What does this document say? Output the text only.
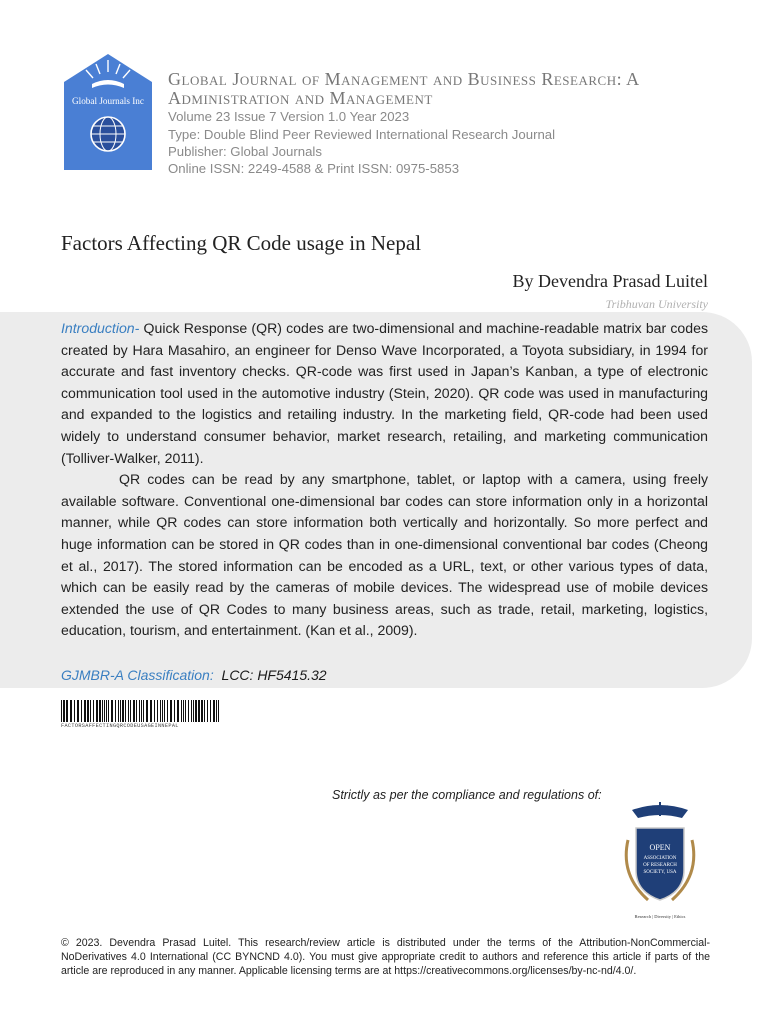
Global Journals Inc
Global Journal of Management and Business Research: A Administration and Management
Volume 23 Issue 7 Version 1.0 Year 2023
Type: Double Blind Peer Reviewed International Research Journal
Publisher: Global Journals
Online ISSN: 2249-4588 & Print ISSN: 0975-5853
Factors Affecting QR Code usage in Nepal
By Devendra Prasad Luitel
Tribhuvan University

Introduction- Quick Response (QR) codes are two-dimensional and machine-readable matrix bar codes created by Hara Masahiro, an engineer for Denso Wave Incorporated, a Toyota subsidiary, in 1994 for accurate and fast inventory checks. QR-code was first used in Japan’s Kanban, a type of electronic communication tool used in the automotive industry (Stein, 2020). QR code was used in manufacturing and expanded to the logistics and retailing industry. In the marketing field, QR-code had been used widely to understand consumer behavior, market research, retailing, and marketing communication (Tolliver-Walker, 2011).

QR codes can be read by any smartphone, tablet, or laptop with a camera, using freely available software. Conventional one-dimensional bar codes can store information only in a horizontal manner, while QR codes can store information both vertically and horizontally. So more perfect and huge information can be stored in QR codes than in one-dimensional conventional bar codes (Cheong et al., 2017). The stored information can be encoded as a URL, text, or other various types of data, which can be easily read by the cameras of mobile devices. The widespread use of mobile devices extended the use of QR Codes to many business areas, such as trade, retail, marketing, logistics, education, tourism, and entertainment. (Kan et al., 2009).

GJMBR-A Classification: LCC: HF5415.32
FACTORSAFFECTINGQRCODEUSAGEINNEPAL
Strictly as per the compliance and regulations of:
OPEN
ASSOCIATION
OF RESEARCH
SOCIETY, USA
Research | Diversity | Ethics

© 2023. Devendra Prasad Luitel. This research/review article is distributed under the terms of the Attribution-NonCommercial-NoDerivatives 4.0 International (CC BYNCND 4.0). You must give appropriate credit to authors and reference this article if parts of the article are reproduced in any manner. Applicable licensing terms are at https://creativecommons.org/licenses/by-nc-nd/4.0/.
